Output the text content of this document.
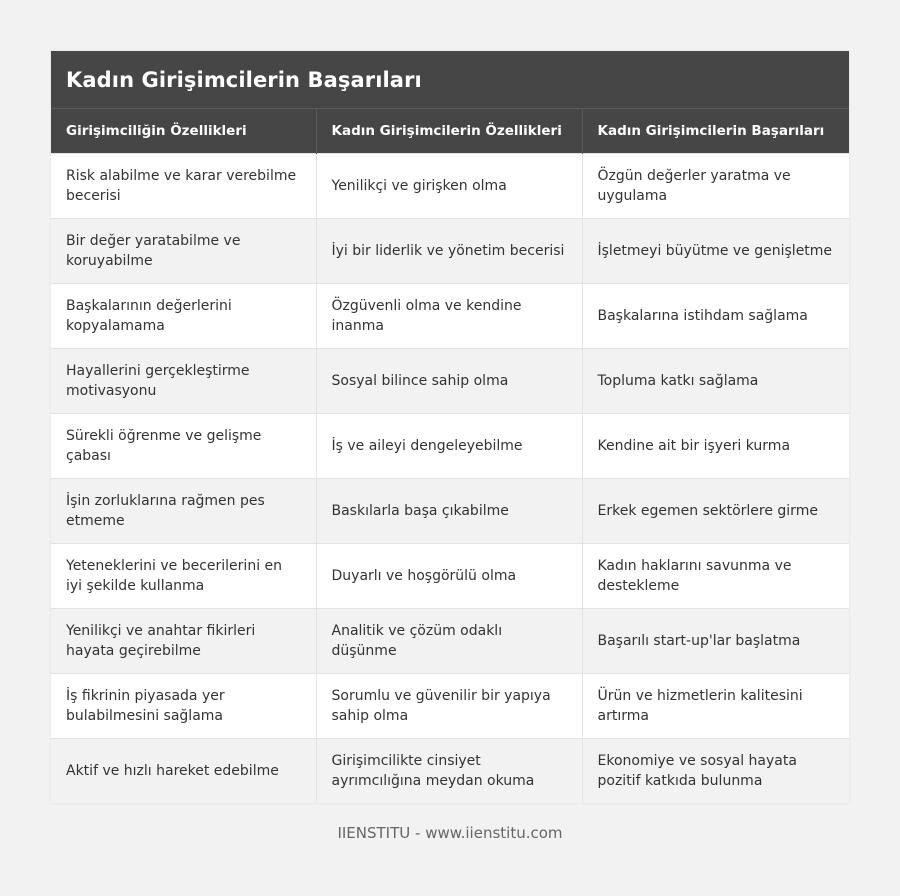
Kadın Girişimcilerin Başarıları
Girişimciliğin Özellikleri	Kadın Girişimcilerin Özellikleri	Kadın Girişimcilerin Başarıları
Risk alabilme ve karar verebilme becerisi	Yenilikçi ve girişken olma	Özgün değerler yaratma ve uygulama
Bir değer yaratabilme ve koruyabilme	İyi bir liderlik ve yönetim becerisi	İşletmeyi büyütme ve genişletme
Başkalarının değerlerini kopyalamama	Özgüvenli olma ve kendine inanma	Başkalarına istihdam sağlama
Hayallerini gerçekleştirme motivasyonu	Sosyal bilince sahip olma	Topluma katkı sağlama
Sürekli öğrenme ve gelişme çabası	İş ve aileyi dengeleyebilme	Kendine ait bir işyeri kurma
İşin zorluklarına rağmen pes etmeme	Baskılarla başa çıkabilme	Erkek egemen sektörlere girme
Yeteneklerini ve becerilerini en iyi şekilde kullanma	Duyarlı ve hoşgörülü olma	Kadın haklarını savunma ve destekleme
Yenilikçi ve anahtar fikirleri hayata geçirebilme	Analitik ve çözüm odaklı düşünme	Başarılı start-up'lar başlatma
İş fikrinin piyasada yer bulabilmesini sağlama	Sorumlu ve güvenilir bir yapıya sahip olma	Ürün ve hizmetlerin kalitesini artırma
Aktif ve hızlı hareket edebilme	Girişimcilikte cinsiyet ayrımcılığına meydan okuma	Ekonomiye ve sosyal hayata pozitif katkıda bulunma
IIENSTITU - www.iienstitu.com
